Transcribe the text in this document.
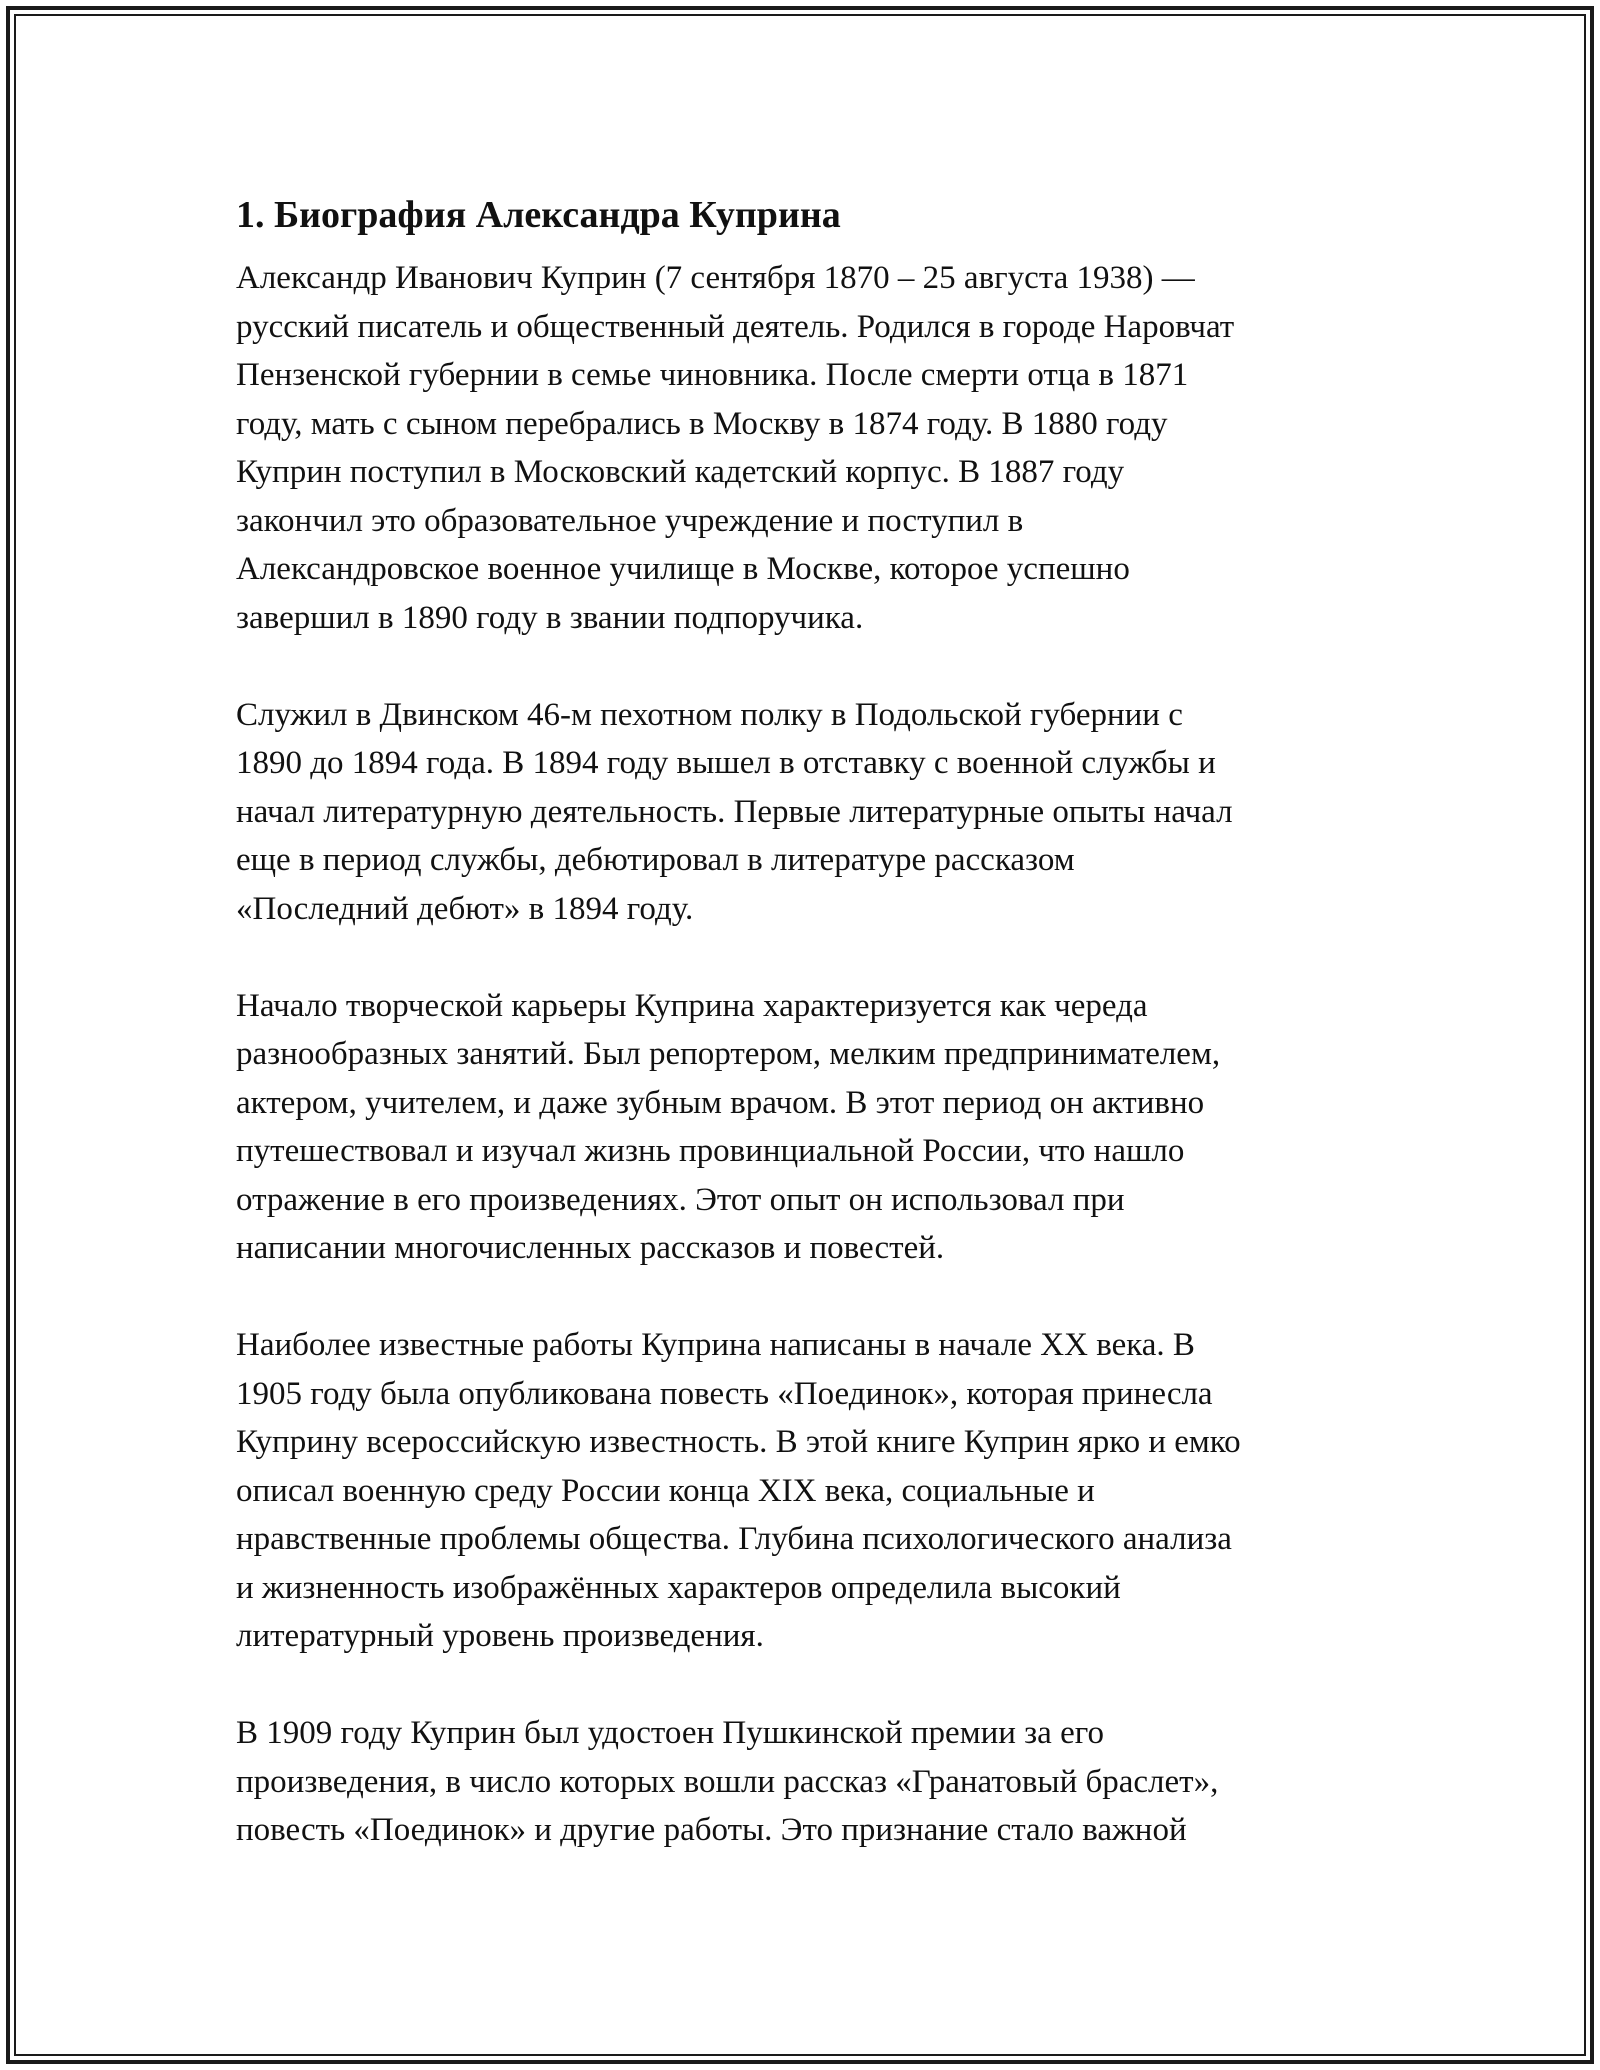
1. Биография Александра Куприна
Александр Иванович Куприн (7 сентября 1870 – 25 августа 1938) —
русский писатель и общественный деятель. Родился в городе Наровчат
Пензенской губернии в семье чиновника. После смерти отца в 1871
году, мать с сыном перебрались в Москву в 1874 году. В 1880 году
Куприн поступил в Московский кадетский корпус. В 1887 году
закончил это образовательное учреждение и поступил в
Александровское военное училище в Москве, которое успешно
завершил в 1890 году в звании подпоручика.
Служил в Двинском 46-м пехотном полку в Подольской губернии с
1890 до 1894 года. В 1894 году вышел в отставку с военной службы и
начал литературную деятельность. Первые литературные опыты начал
еще в период службы, дебютировал в литературе рассказом
«Последний дебют» в 1894 году.
Начало творческой карьеры Куприна характеризуется как череда
разнообразных занятий. Был репортером, мелким предпринимателем,
актером, учителем, и даже зубным врачом. В этот период он активно
путешествовал и изучал жизнь провинциальной России, что нашло
отражение в его произведениях. Этот опыт он использовал при
написании многочисленных рассказов и повестей.
Наиболее известные работы Куприна написаны в начале XX века. В
1905 году была опубликована повесть «Поединок», которая принесла
Куприну всероссийскую известность. В этой книге Куприн ярко и емко
описал военную среду России конца XIX века, социальные и
нравственные проблемы общества. Глубина психологического анализа
и жизненность изображённых характеров определила высокий
литературный уровень произведения.
В 1909 году Куприн был удостоен Пушкинской премии за его
произведения, в число которых вошли рассказ «Гранатовый браслет»,
повесть «Поединок» и другие работы. Это признание стало важной
